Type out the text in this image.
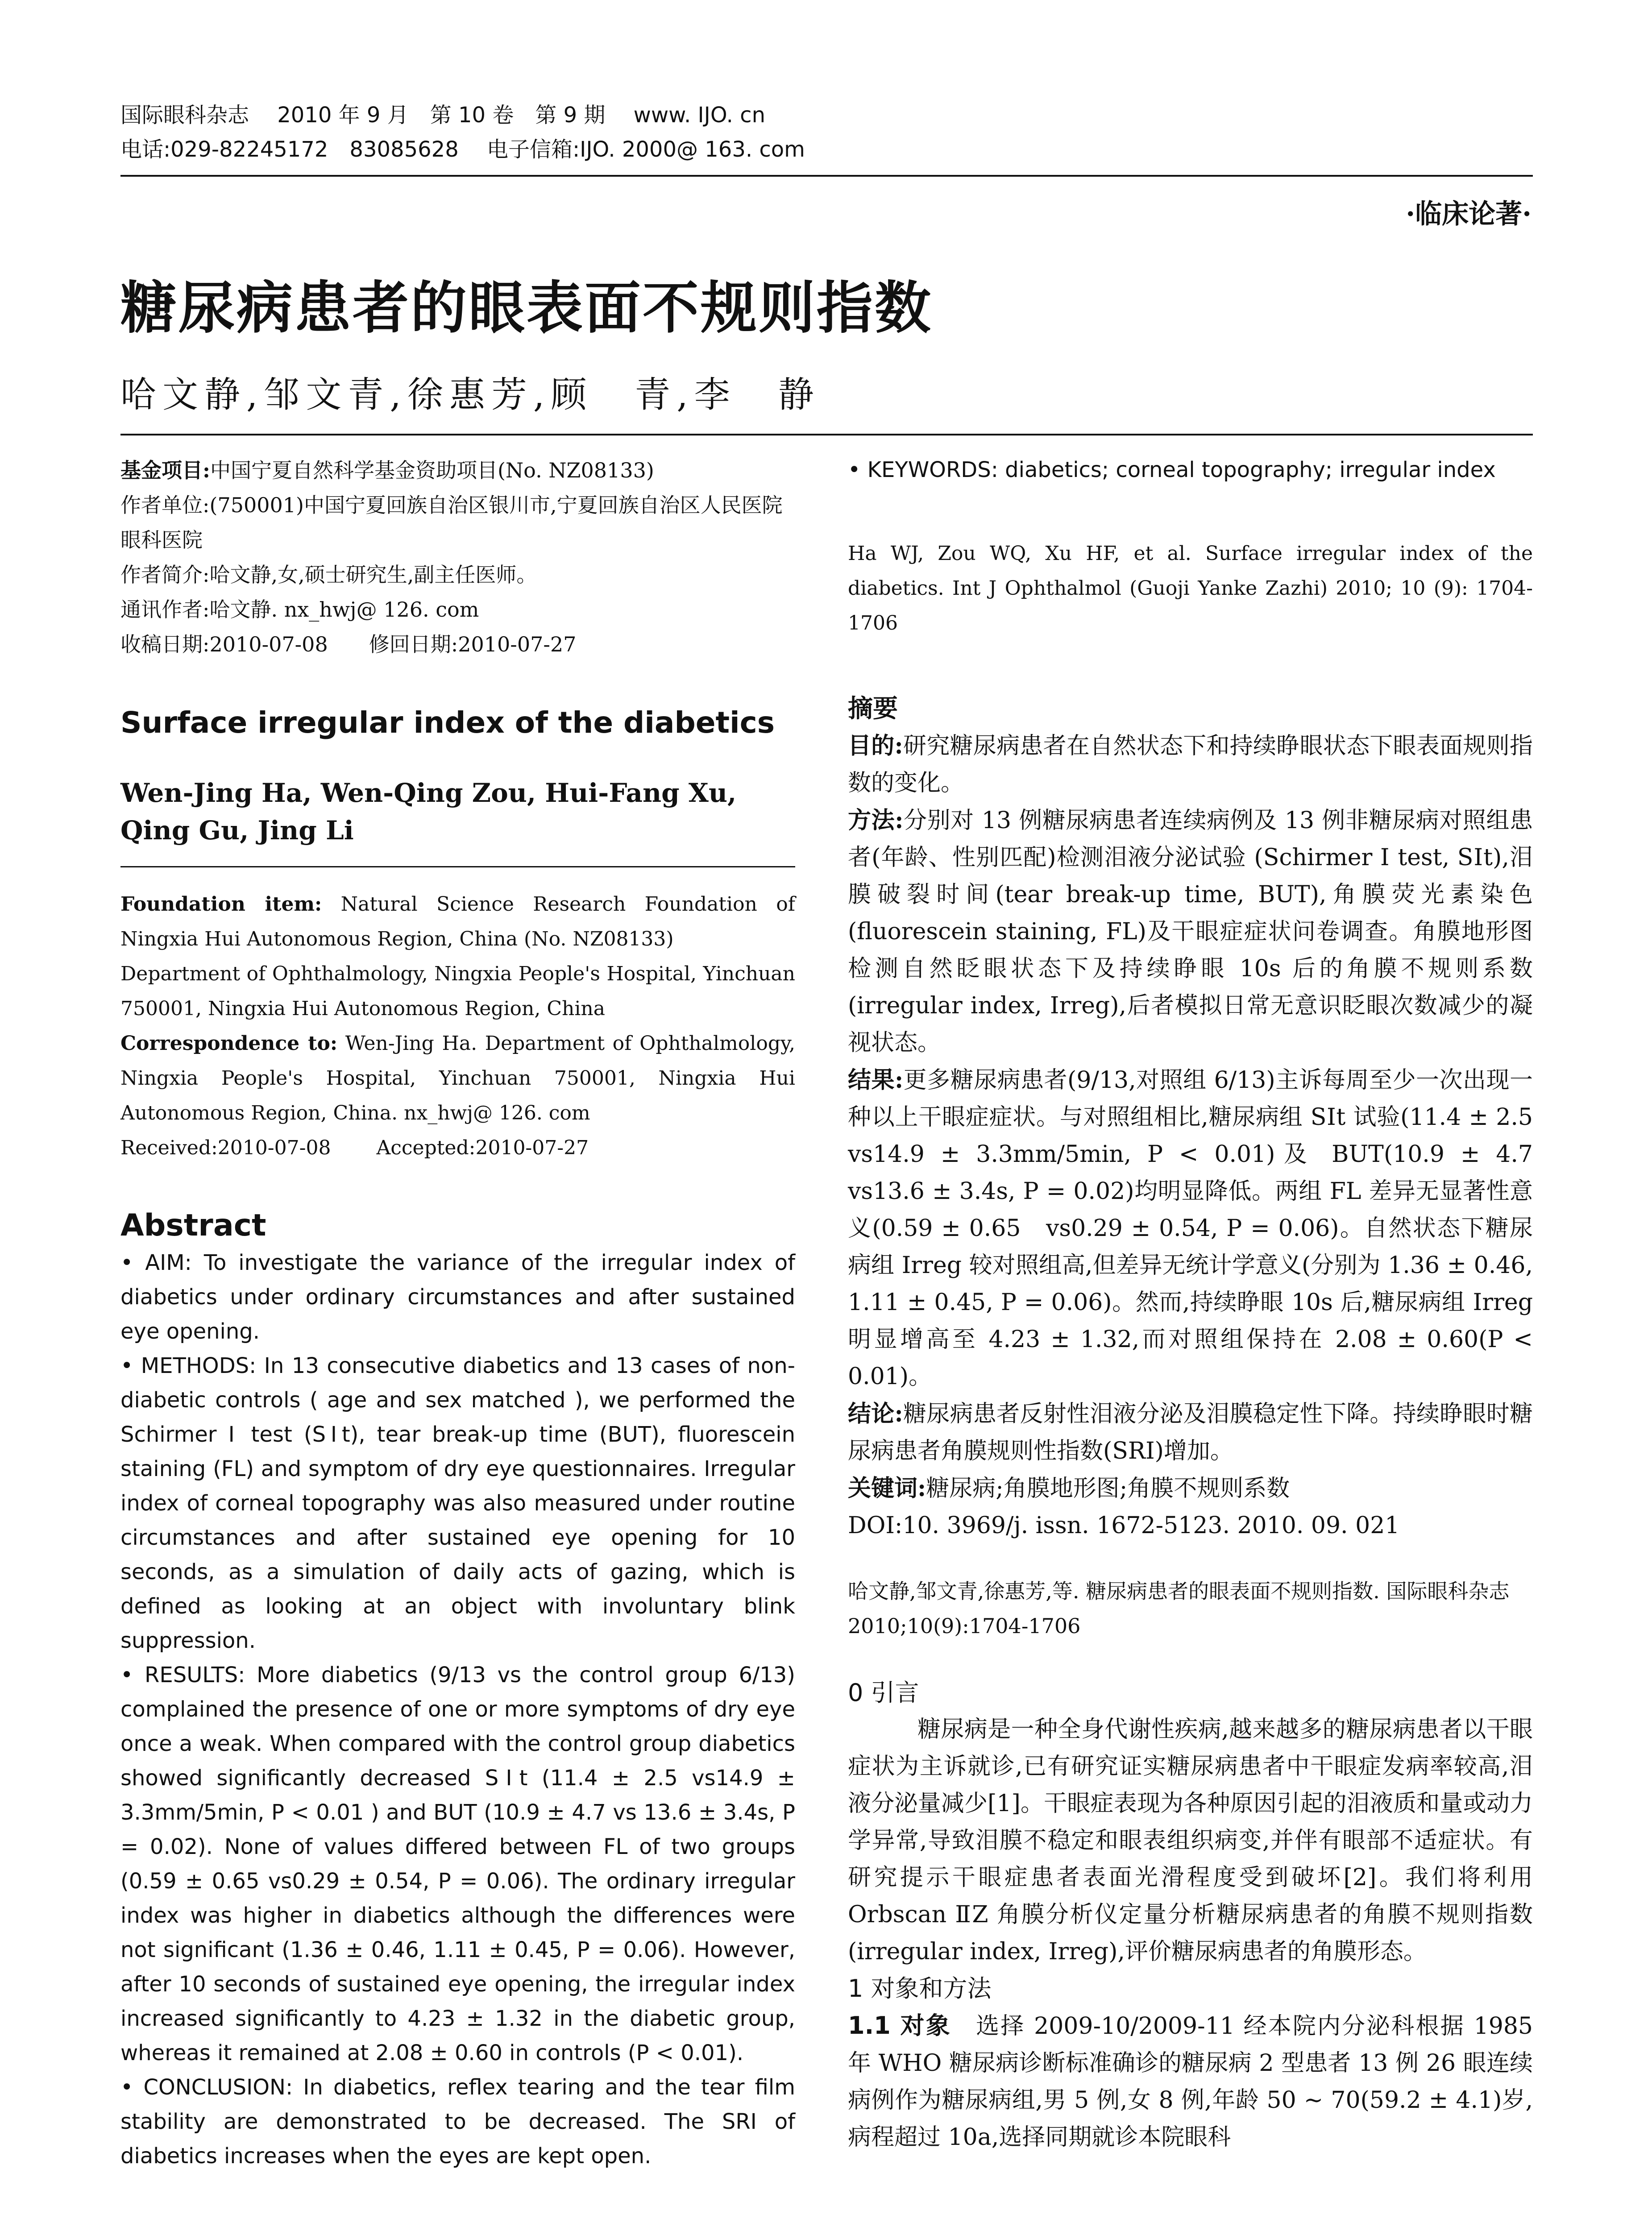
国际眼科杂志　 2010 年 9 月　第 10 卷　第 9 期　 www. IJO. cn
电话:029-82245172　83085628　 电子信箱:IJO. 2000@ 163. com
·临床论著·
糖尿病患者的眼表面不规则指数
哈文静,邹文青,徐惠芳,顾　青,李　静
基金项目:中国宁夏自然科学基金资助项目(No. NZ08133)
作者单位:(750001)中国宁夏回族自治区银川市,宁夏回族自治区人民医院眼科医院
作者简介:哈文静,女,硕士研究生,副主任医师。
通讯作者:哈文静. nx_hwj@ 126. com
收稿日期:2010-07-08　　修回日期:2010-07-27
Surface irregular index of the diabetics
Wen-Jing Ha, Wen-Qing Zou, Hui-Fang Xu, Qing Gu, Jing Li
Foundation item: Natural Science Research Foundation of Ningxia Hui Autonomous Region, China (No. NZ08133)
Department of Ophthalmology, Ningxia People's Hospital, Yinchuan 750001, Ningxia Hui Autonomous Region, China
Correspondence to: Wen-Jing Ha. Department of Ophthalmology, Ningxia People's Hospital, Yinchuan 750001, Ningxia Hui Autonomous Region, China. nx_hwj@ 126. com
Received:2010-07-08　　 Accepted:2010-07-27
Abstract

• AIM: To investigate the variance of the irregular index of diabetics under ordinary circumstances and after sustained eye opening.

• METHODS: In 13 consecutive diabetics and 13 cases of non-diabetic controls ( age and sex matched ), we performed the Schirmer Ⅰ test (SⅠt), tear break-up time (BUT), fluorescein staining (FL) and symptom of dry eye questionnaires. Irregular index of corneal topography was also measured under routine circumstances and after sustained eye opening for 10 seconds, as a simulation of daily acts of gazing, which is defined as looking at an object with involuntary blink suppression.

• RESULTS: More diabetics (9/13 vs the control group 6/13) complained the presence of one or more symptoms of dry eye once a weak. When compared with the control group diabetics showed significantly decreased SⅠt (11.4 ± 2.5 vs14.9 ± 3.3mm/5min, P < 0.01 ) and BUT (10.9 ± 4.7 vs 13.6 ± 3.4s, P = 0.02). None of values differed between FL of two groups (0.59 ± 0.65 vs0.29 ± 0.54, P = 0.06). The ordinary irregular index was higher in diabetics although the differences were not significant (1.36 ± 0.46, 1.11 ± 0.45, P = 0.06). However, after 10 seconds of sustained eye opening, the irregular index increased significantly to 4.23 ± 1.32 in the diabetic group, whereas it remained at 2.08 ± 0.60 in controls (P < 0.01).

• CONCLUSION: In diabetics, reflex tearing and the tear film stability are demonstrated to be decreased. The SRI of diabetics increases when the eyes are kept open.

• KEYWORDS: diabetics; corneal topography; irregular index
Ha WJ, Zou WQ, Xu HF, et al. Surface irregular index of the diabetics. Int J Ophthalmol (Guoji Yanke Zazhi) 2010; 10 (9): 1704-1706
摘要

目的:研究糖尿病患者在自然状态下和持续睁眼状态下眼表面规则指数的变化。

方法:分别对 13 例糖尿病患者连续病例及 13 例非糖尿病对照组患者(年龄、性别匹配)检测泪液分泌试验 (Schirmer Ⅰ test, SⅠt),泪膜破裂时间(tear break-up time, BUT),角膜荧光素染色(fluorescein staining, FL)及干眼症症状问卷调查。角膜地形图检测自然眨眼状态下及持续睁眼 10s 后的角膜不规则系数(irregular index, Irreg),后者模拟日常无意识眨眼次数减少的凝视状态。

结果:更多糖尿病患者(9/13,对照组 6/13)主诉每周至少一次出现一种以上干眼症症状。与对照组相比,糖尿病组 SⅠt 试验(11.4 ± 2.5　vs14.9 ± 3.3mm/5min, P < 0.01)及 BUT(10.9 ± 4.7　vs13.6 ± 3.4s, P = 0.02)均明显降低。两组 FL 差异无显著性意义(0.59 ± 0.65　vs0.29 ± 0.54, P = 0.06)。自然状态下糖尿病组 Irreg 较对照组高,但差异无统计学意义(分别为 1.36 ± 0.46, 1.11 ± 0.45, P = 0.06)。然而,持续睁眼 10s 后,糖尿病组 Irreg 明显增高至 4.23 ± 1.32,而对照组保持在 2.08 ± 0.60(P < 0.01)。

结论:糖尿病患者反射性泪液分泌及泪膜稳定性下降。持续睁眼时糖尿病患者角膜规则性指数(SRI)增加。

关键词:糖尿病;角膜地形图;角膜不规则系数

DOI:10. 3969/j. issn. 1672-5123. 2010. 09. 021

哈文静,邹文青,徐惠芳,等. 糖尿病患者的眼表面不规则指数. 国际眼科杂志 2010;10(9):1704-1706
0 引言

糖尿病是一种全身代谢性疾病,越来越多的糖尿病患者以干眼症状为主诉就诊,已有研究证实糖尿病患者中干眼症发病率较高,泪液分泌量减少[1]。干眼症表现为各种原因引起的泪液质和量或动力学异常,导致泪膜不稳定和眼表组织病变,并伴有眼部不适症状。有研究提示干眼症患者表面光滑程度受到破坏[2]。我们将利用 Orbscan ⅡZ 角膜分析仪定量分析糖尿病患者的角膜不规则指数(irregular index, Irreg),评价糖尿病患者的角膜形态。

1 对象和方法

1.1 对象　 选择 2009-10/2009-11 经本院内分泌科根据 1985 年 WHO 糖尿病诊断标准确诊的糖尿病 2 型患者 13 例 26 眼连续病例作为糖尿病组,男 5 例,女 8 例,年龄 50 ~ 70(59.2 ± 4.1)岁,病程超过 10a,选择同期就诊本院眼科
